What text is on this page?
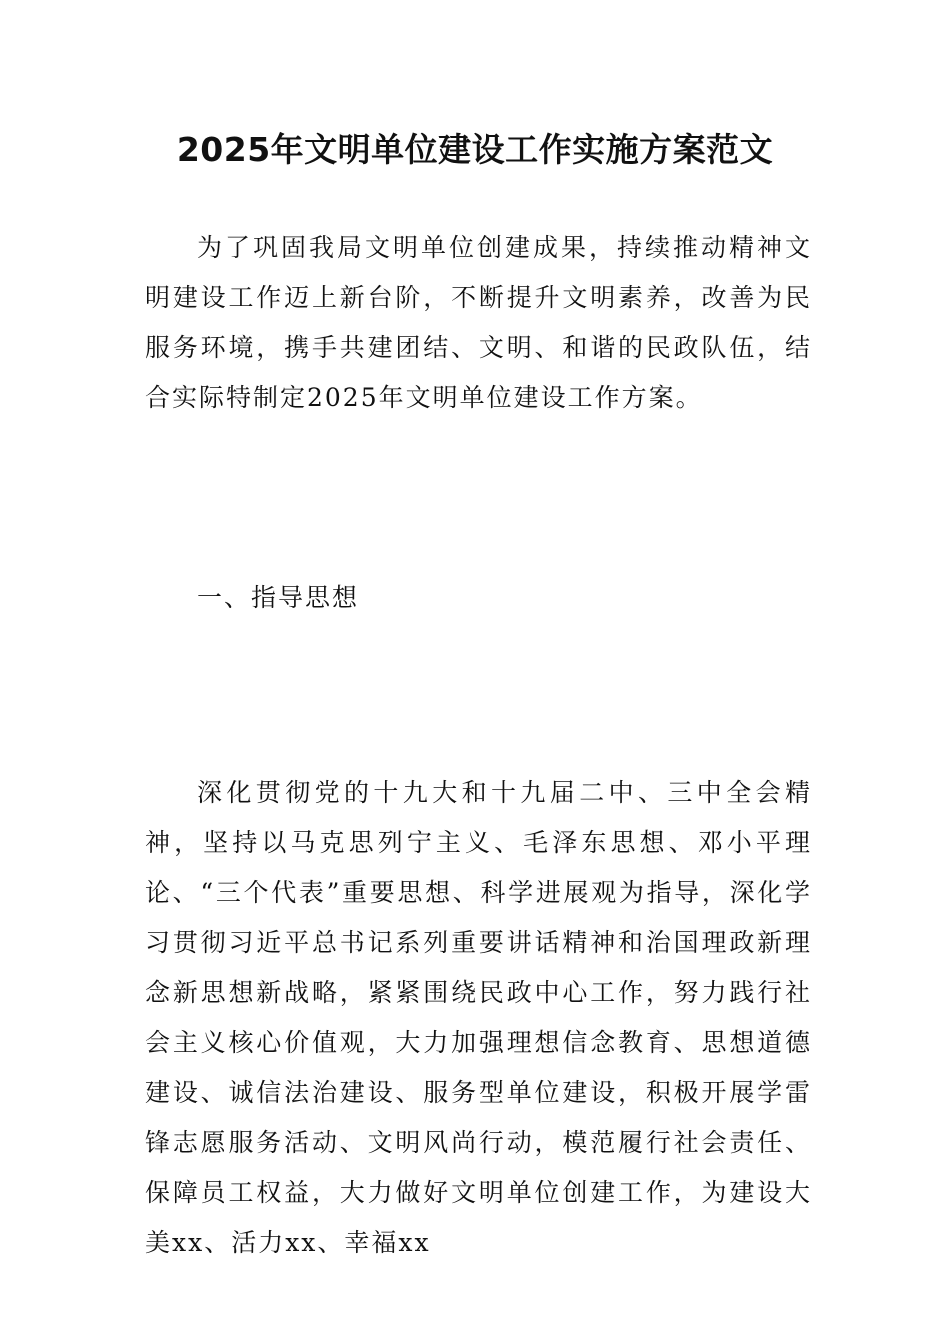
2025年文明单位建设工作实施方案范文
为了巩固我局文明单位创建成果，持续推动精神文明建设工作迈上新台阶，不断提升文明素养，改善为民服务环境，携手共建团结、文明、和谐的民政队伍，结合实际特制定2025年文明单位建设工作方案。
一、指导思想
深化贯彻党的十九大和十九届二中、三中全会精神，坚持以马克思列宁主义、毛泽东思想、邓小平理论、“三个代表”重要思想、科学进展观为指导，深化学习贯彻习近平总书记系列重要讲话精神和治国理政新理念新思想新战略，紧紧围绕民政中心工作，努力践行社会主义核心价值观，大力加强理想信念教育、思想道德建设、诚信法治建设、服务型单位建设，积极开展学雷锋志愿服务活动、文明风尚行动，模范履行社会责任、保障员工权益，大力做好文明单位创建工作，为建设大美xx、活力xx、幸福xx
